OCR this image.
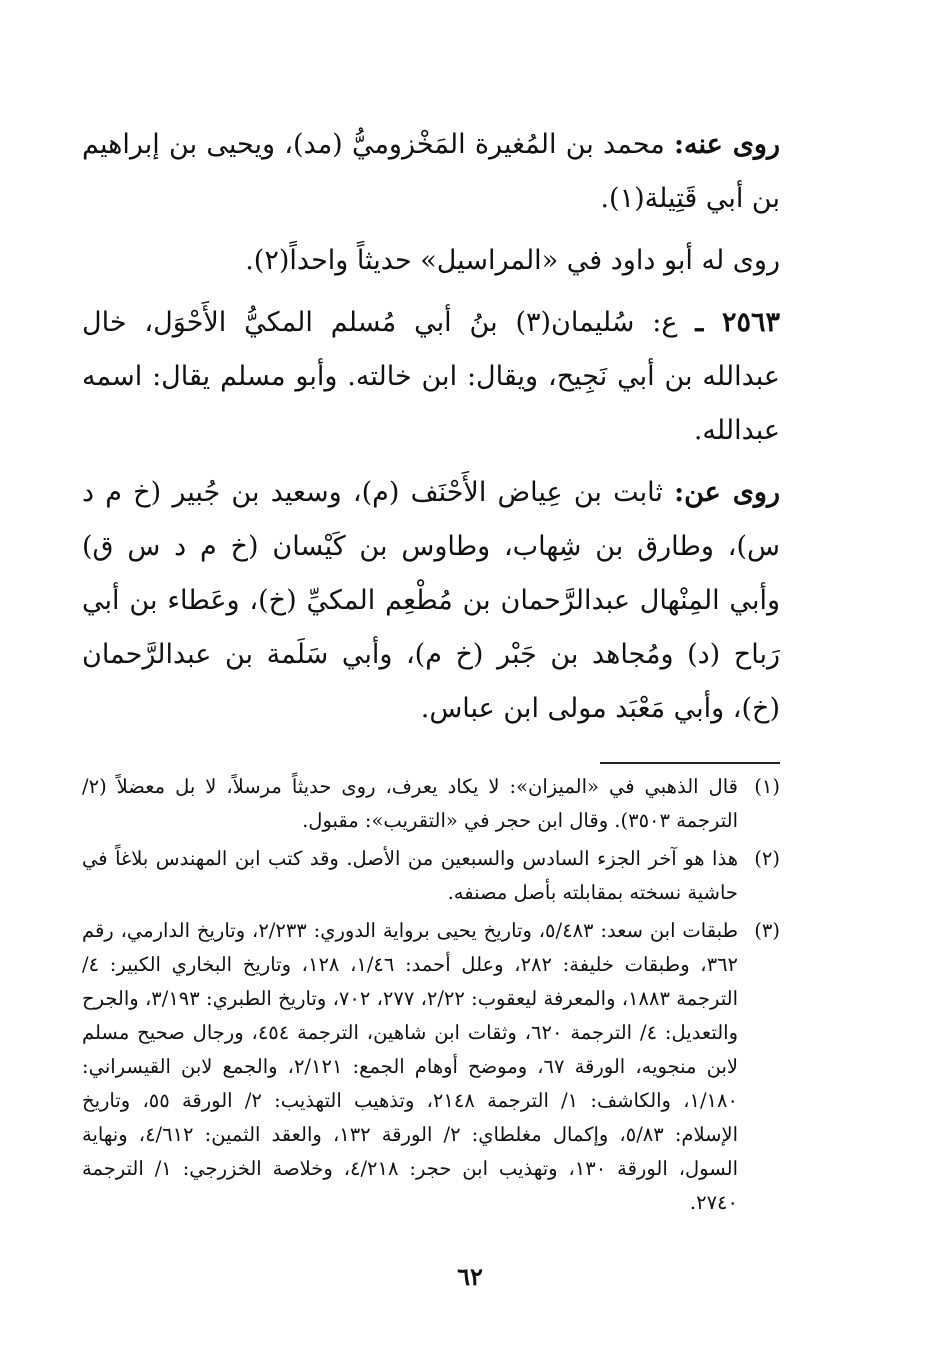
روى عنه: محمد بن المُغيرة المَخْزوميُّ (مد)، ويحيى بن إبراهيم بن أبي قَتِيلة(١).

روى له أبو داود في «المراسيل» حديثاً واحداً(٢).

٢٥٦٣ ـ ع: سُليمان(٣) بنُ أبي مُسلم المكيُّ الأَحْوَل، خال عبدالله بن أبي نَجِيح، ويقال: ابن خالته. وأبو مسلم يقال: اسمه عبدالله.

روى عن: ثابت بن عِياض الأَحْنَف (م)، وسعيد بن جُبير (خ م د س)، وطارق بن شِهاب، وطاوس بن كَيْسان (خ م د س ق) وأبي المِنْهال عبدالرَّحمان بن مُطْعِم المكيِّ (خ)، وعَطاء بن أبي رَباح (د) ومُجاهد بن جَبْر (خ م)، وأبي سَلَمة بن عبدالرَّحمان (خ)، وأبي مَعْبَد مولى ابن عباس.

(١)
قال الذهبي في «الميزان»: لا يكاد يعرف، روى حديثاً مرسلاً، لا بل معضلاً (٢/ الترجمة ٣٥٠٣). وقال ابن حجر في «التقريب»: مقبول.
(٢)
هذا هو آخر الجزء السادس والسبعين من الأصل. وقد كتب ابن المهندس بلاغاً في حاشية نسخته بمقابلته بأصل مصنفه.
(٣)
طبقات ابن سعد: ٥/٤٨٣، وتاريخ يحيى برواية الدوري: ٢/٢٣٣، وتاريخ الدارمي، رقم ٣٦٢، وطبقات خليفة: ٢٨٢، وعلل أحمد: ١/٤٦، ١٢٨، وتاريخ البخاري الكبير: ٤/ الترجمة ١٨٨٣، والمعرفة ليعقوب: ٢/٢٢، ٢٧٧، ٧٠٢، وتاريخ الطبري: ٣/١٩٣، والجرح والتعديل: ٤/ الترجمة ٦٢٠، وثقات ابن شاهين، الترجمة ٤٥٤، ورجال صحيح مسلم لابن منجويه، الورقة ٦٧، وموضح أوهام الجمع: ٢/١٢١، والجمع لابن القيسراني: ١/١٨٠، والكاشف: ١/ الترجمة ٢١٤٨، وتذهيب التهذيب: ٢/ الورقة ٥٥، وتاريخ الإسلام: ٥/٨٣، وإكمال مغلطاي: ٢/ الورقة ١٣٢، والعقد الثمين: ٤/٦١٢، ونهاية السول، الورقة ١٣٠، وتهذيب ابن حجر: ٤/٢١٨، وخلاصة الخزرجي: ١/ الترجمة ٢٧٤٠.
٦٢
